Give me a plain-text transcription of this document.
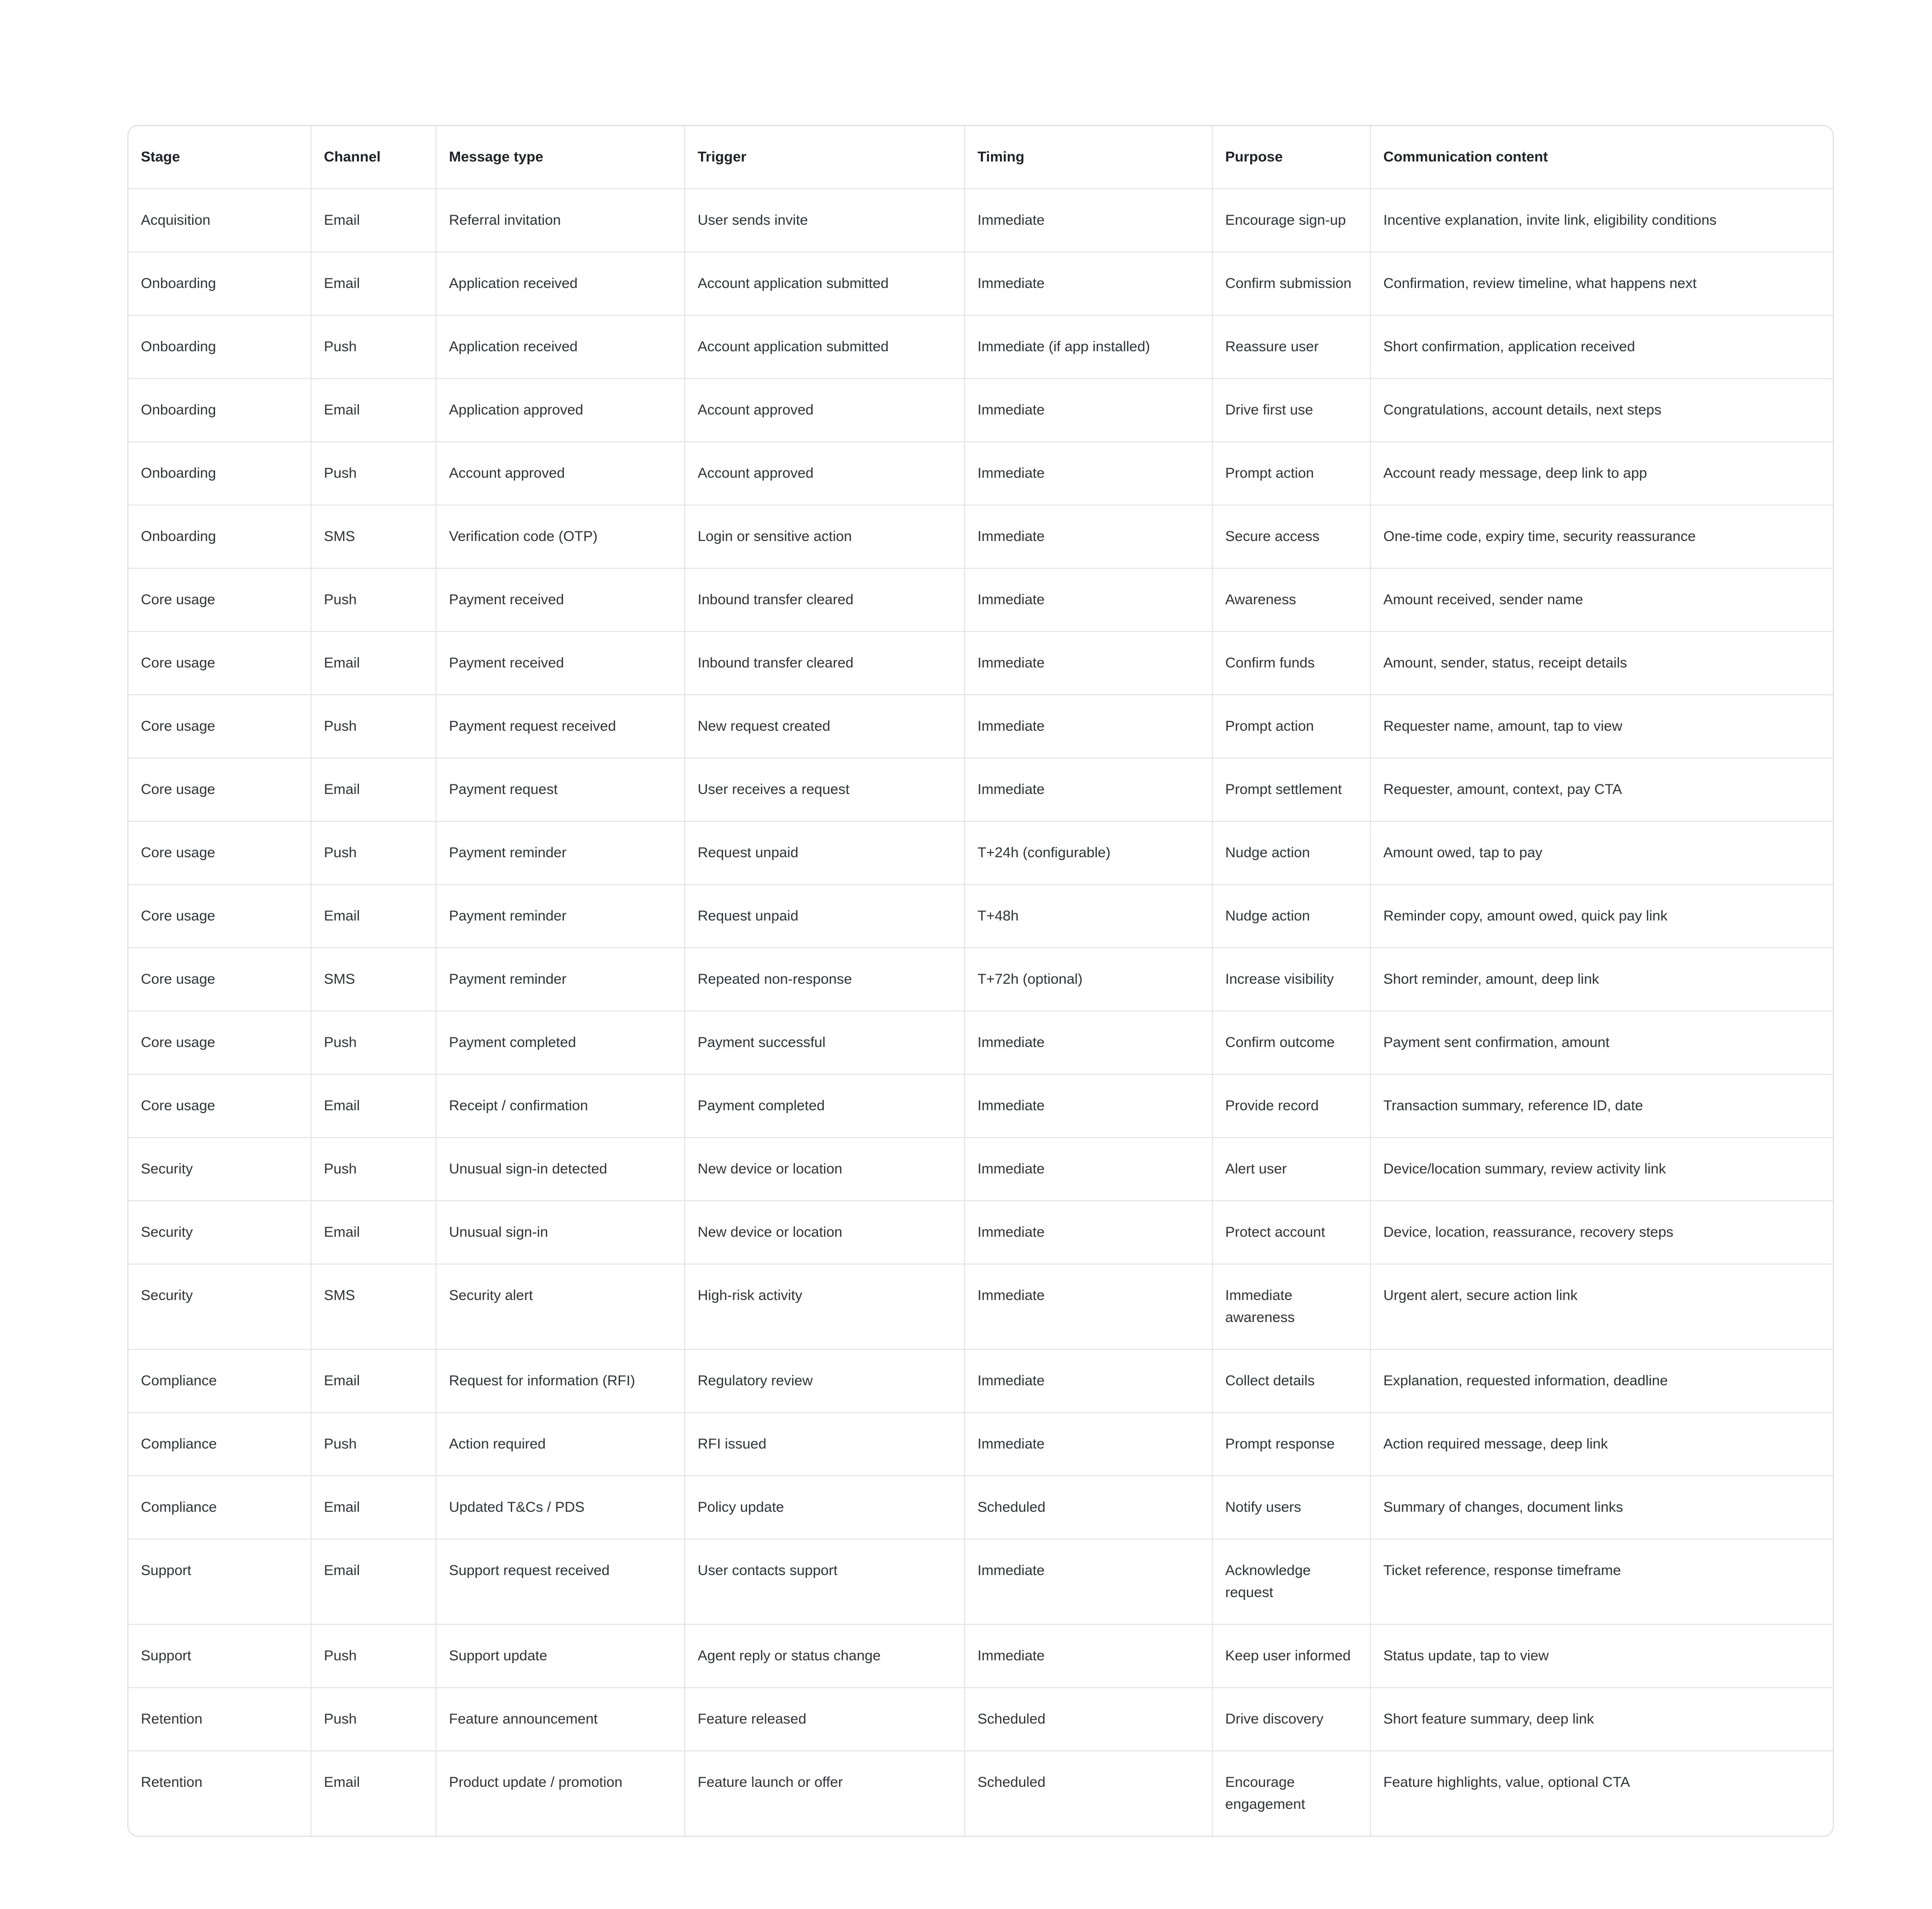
Stage	Channel	Message type	Trigger	Timing	Purpose	Communication content
Acquisition	Email	Referral invitation	User sends invite	Immediate	Encourage sign-up	Incentive explanation, invite link, eligibility conditions
Onboarding	Email	Application received	Account application submitted	Immediate	Confirm submission	Confirmation, review timeline, what happens next
Onboarding	Push	Application received	Account application submitted	Immediate (if app installed)	Reassure user	Short confirmation, application received
Onboarding	Email	Application approved	Account approved	Immediate	Drive first use	Congratulations, account details, next steps
Onboarding	Push	Account approved	Account approved	Immediate	Prompt action	Account ready message, deep link to app
Onboarding	SMS	Verification code (OTP)	Login or sensitive action	Immediate	Secure access	One-time code, expiry time, security reassurance
Core usage	Push	Payment received	Inbound transfer cleared	Immediate	Awareness	Amount received, sender name
Core usage	Email	Payment received	Inbound transfer cleared	Immediate	Confirm funds	Amount, sender, status, receipt details
Core usage	Push	Payment request received	New request created	Immediate	Prompt action	Requester name, amount, tap to view
Core usage	Email	Payment request	User receives a request	Immediate	Prompt settlement	Requester, amount, context, pay CTA
Core usage	Push	Payment reminder	Request unpaid	T+24h (configurable)	Nudge action	Amount owed, tap to pay
Core usage	Email	Payment reminder	Request unpaid	T+48h	Nudge action	Reminder copy, amount owed, quick pay link
Core usage	SMS	Payment reminder	Repeated non-response	T+72h (optional)	Increase visibility	Short reminder, amount, deep link
Core usage	Push	Payment completed	Payment successful	Immediate	Confirm outcome	Payment sent confirmation, amount
Core usage	Email	Receipt / confirmation	Payment completed	Immediate	Provide record	Transaction summary, reference ID, date
Security	Push	Unusual sign-in detected	New device or location	Immediate	Alert user	Device/location summary, review activity link
Security	Email	Unusual sign-in	New device or location	Immediate	Protect account	Device, location, reassurance, recovery steps
Security	SMS	Security alert	High-risk activity	Immediate	Immediate awareness	Urgent alert, secure action link
Compliance	Email	Request for information (RFI)	Regulatory review	Immediate	Collect details	Explanation, requested information, deadline
Compliance	Push	Action required	RFI issued	Immediate	Prompt response	Action required message, deep link
Compliance	Email	Updated T&Cs / PDS	Policy update	Scheduled	Notify users	Summary of changes, document links
Support	Email	Support request received	User contacts support	Immediate	Acknowledge request	Ticket reference, response timeframe
Support	Push	Support update	Agent reply or status change	Immediate	Keep user informed	Status update, tap to view
Retention	Push	Feature announcement	Feature released	Scheduled	Drive discovery	Short feature summary, deep link
Retention	Email	Product update / promotion	Feature launch or offer	Scheduled	Encourage engagement	Feature highlights, value, optional CTA
